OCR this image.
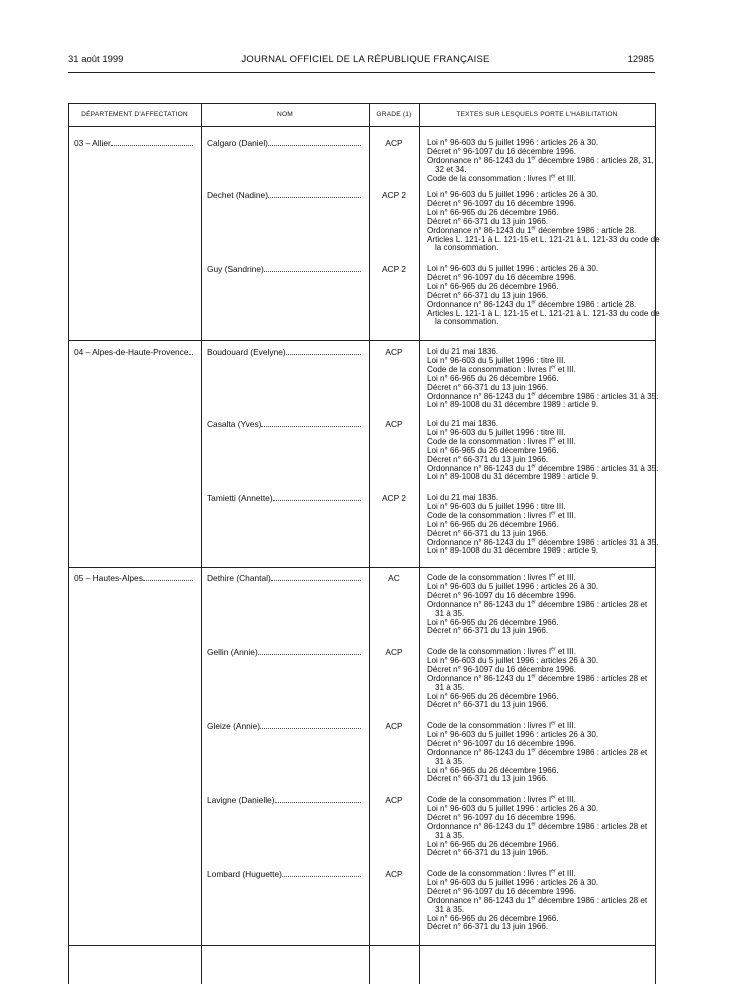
31 août 1999	JOURNAL OFFICIEL DE LA RÉPUBLIQUE FRANÇAISE	12985
DÉPARTEMENT D'AFFECTATION	NOM	GRADE (1)	TEXTES SUR LESQUELS PORTE L'HABILITATION
03 – Allier	Calgaro (Daniel)	ACP	Loi n° 96-603 du 5 juillet 1996 : articles 26 à 30.
Décret n° 96-1097 du 16 décembre 1996.
Ordonnance n° 86-1243 du 1er décembre 1986 : articles 28, 31,
32 et 34.
Code de la consommation : livres Ier et III.
Dechet (Nadine)	ACP 2	Loi n° 96-603 du 5 juillet 1996 : articles 26 à 30.
Décret n° 96-1097 du 16 décembre 1996.
Loi n° 66-965 du 26 décembre 1966.
Décret n° 66-371 du 13 juin 1966.
Ordonnance n° 86-1243 du 1er décembre 1986 : article 28.
Articles L. 121-1 à L. 121-15 et L. 121-21 à L. 121-33 du code de
la consommation.
Guy (Sandrine)	ACP 2	Loi n° 96-603 du 5 juillet 1996 : articles 26 à 30.
Décret n° 96-1097 du 16 décembre 1996.
Loi n° 66-965 du 26 décembre 1966.
Décret n° 66-371 du 13 juin 1966.
Ordonnance n° 86-1243 du 1er décembre 1986 : article 28.
Articles L. 121-1 à L. 121-15 et L. 121-21 à L. 121-33 du code de
la consommation.
04 – Alpes-de-Haute-Provence	Boudouard (Evelyne)	ACP	Loi du 21 mai 1836.
Loi n° 96-603 du 5 juillet 1996 : titre III.
Code de la consommation : livres Ier et III.
Loi n° 66-965 du 26 décembre 1966.
Décret n° 66-371 du 13 juin 1966.
Ordonnance n° 86-1243 du 1er décembre 1986 : articles 31 à 35.
Loi n° 89-1008 du 31 décembre 1989 : article 9.
Casalta (Yves)	ACP	Loi du 21 mai 1836.
Loi n° 96-603 du 5 juillet 1996 : titre III.
Code de la consommation : livres Ier et III.
Loi n° 66-965 du 26 décembre 1966.
Décret n° 66-371 du 13 juin 1966.
Ordonnance n° 86-1243 du 1er décembre 1986 : articles 31 à 35.
Loi n° 89-1008 du 31 décembre 1989 : article 9.
Tamietti (Annette)	ACP 2	Loi du 21 mai 1836.
Loi n° 96-603 du 5 juillet 1996 : titre III.
Code de la consommation : livres Ier et III.
Loi n° 66-965 du 26 décembre 1966.
Décret n° 66-371 du 13 juin 1966.
Ordonnance n° 86-1243 du 1er décembre 1986 : articles 31 à 35.
Loi n° 89-1008 du 31 décembre 1989 : article 9.
05 – Hautes-Alpes	Dethire (Chantal)	AC	Code de la consommation : livres Ier et III.
Loi n° 96-603 du 5 juillet 1996 : articles 26 à 30.
Décret n° 96-1097 du 16 décembre 1996.
Ordonnance n° 86-1243 du 1er décembre 1986 : articles 28 et
31 à 35.
Loi n° 66-965 du 26 décembre 1966.
Décret n° 66-371 du 13 juin 1966.
Gellin (Annie)	ACP	Code de la consommation : livres Ier et III.
Loi n° 96-603 du 5 juillet 1996 : articles 26 à 30.
Décret n° 96-1097 du 16 décembre 1996.
Ordonnance n° 86-1243 du 1er décembre 1986 : articles 28 et
31 à 35.
Loi n° 66-965 du 26 décembre 1966.
Décret n° 66-371 du 13 juin 1966.
Gleize (Annie)	ACP	Code de la consommation : livres Ier et III.
Loi n° 96-603 du 5 juillet 1996 : articles 26 à 30.
Décret n° 96-1097 du 16 décembre 1996.
Ordonnance n° 86-1243 du 1er décembre 1986 : articles 28 et
31 à 35.
Loi n° 66-965 du 26 décembre 1966.
Décret n° 66-371 du 13 juin 1966.
Lavigne (Danielle)	ACP	Code de la consommation : livres Ier et III.
Loi n° 96-603 du 5 juillet 1996 : articles 26 à 30.
Décret n° 96-1097 du 16 décembre 1996.
Ordonnance n° 86-1243 du 1er décembre 1986 : articles 28 et
31 à 35.
Loi n° 66-965 du 26 décembre 1966.
Décret n° 66-371 du 13 juin 1966.
Lombard (Huguette)	ACP	Code de la consommation : livres Ier et III.
Loi n° 96-603 du 5 juillet 1996 : articles 26 à 30.
Décret n° 96-1097 du 16 décembre 1996.
Ordonnance n° 86-1243 du 1er décembre 1986 : articles 28 et
31 à 35.
Loi n° 66-965 du 26 décembre 1966.
Décret n° 66-371 du 13 juin 1966.
